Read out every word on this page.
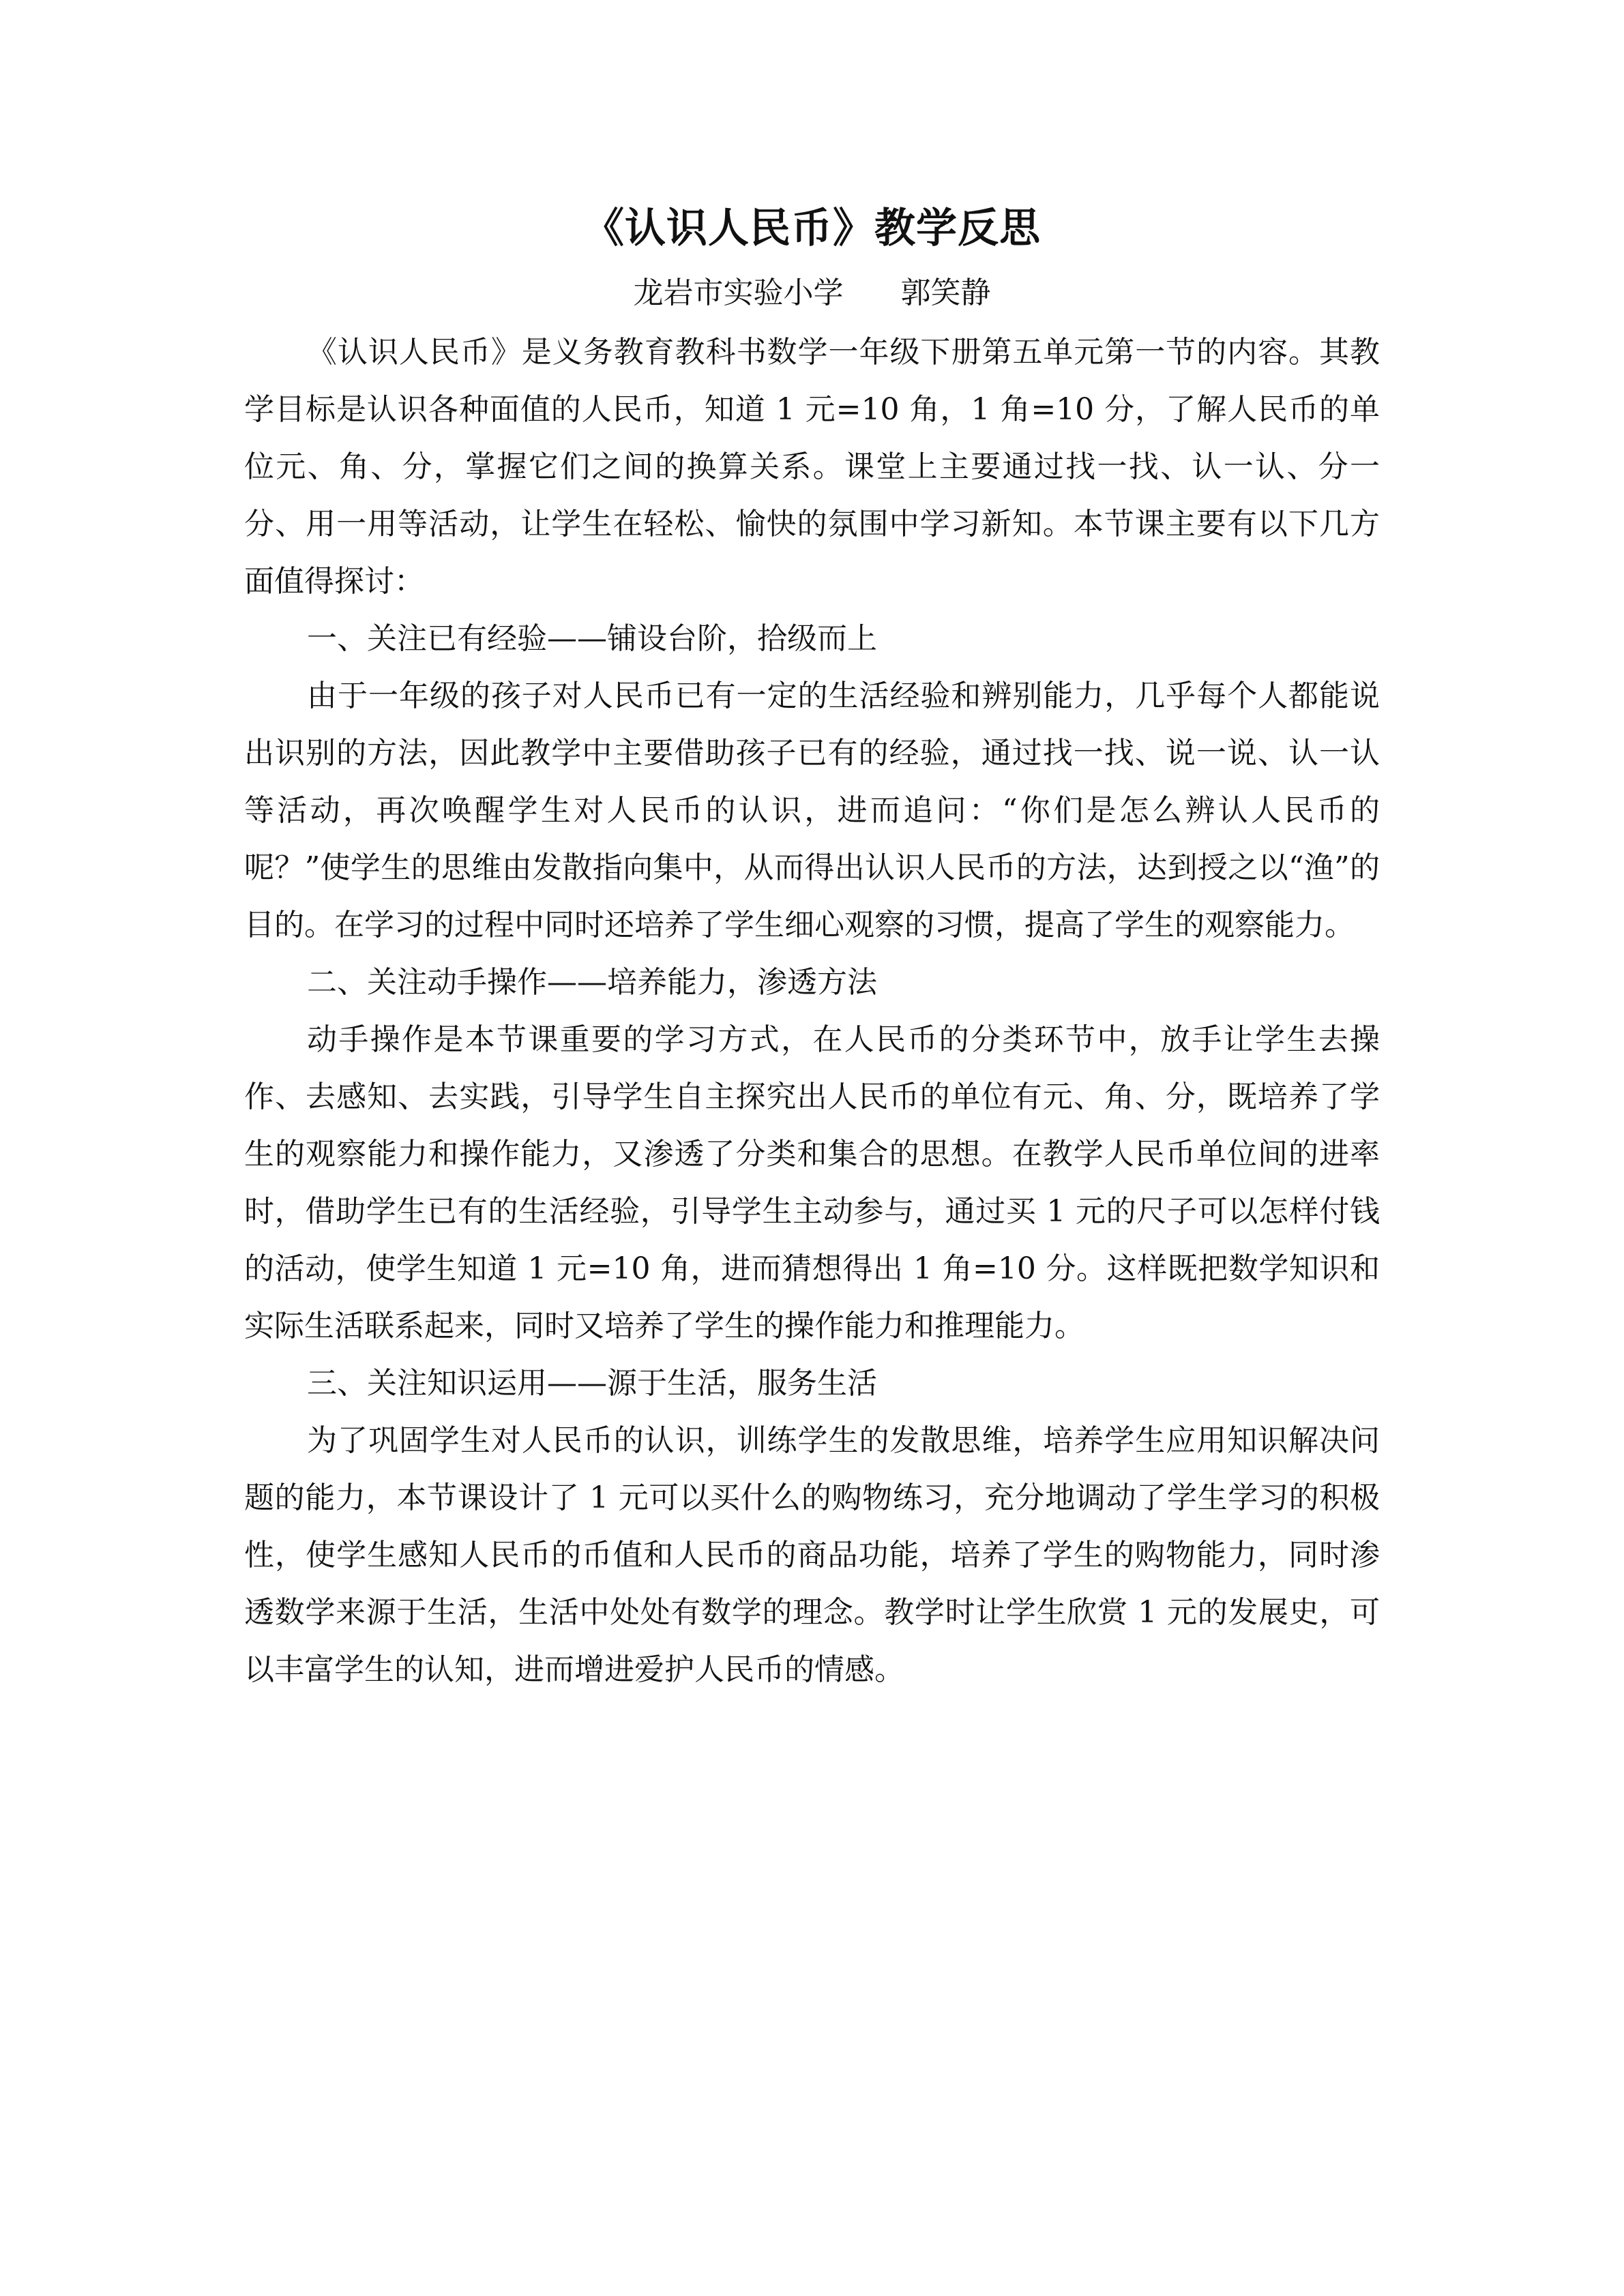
《认识人民币》教学反思
龙岩市实验小学 郭笑静

《认识人民币》是义务教育教科书数学一年级下册第五单元第一节的内容。其教学目标是认识各种面值的人民币，知道 1 元=10 角，1 角=10 分，了解人民币的单位元、角、分，掌握它们之间的换算关系。课堂上主要通过找一找、认一认、分一分、用一用等活动，让学生在轻松、愉快的氛围中学习新知。本节课主要有以下几方面值得探讨：

一、关注已有经验——铺设台阶，拾级而上

由于一年级的孩子对人民币已有一定的生活经验和辨别能力，几乎每个人都能说出识别的方法，因此教学中主要借助孩子已有的经验，通过找一找、说一说、认一认等活动，再次唤醒学生对人民币的认识，进而追问：“你们是怎么辨认人民币的呢？”使学生的思维由发散指向集中，从而得出认识人民币的方法，达到授之以“渔”的目的。在学习的过程中同时还培养了学生细心观察的习惯，提高了学生的观察能力。

二、关注动手操作——培养能力，渗透方法

动手操作是本节课重要的学习方式，在人民币的分类环节中，放手让学生去操作、去感知、去实践，引导学生自主探究出人民币的单位有元、角、分，既培养了学生的观察能力和操作能力，又渗透了分类和集合的思想。在教学人民币单位间的进率时，借助学生已有的生活经验，引导学生主动参与，通过买 1 元的尺子可以怎样付钱的活动，使学生知道 1 元=10 角，进而猜想得出 1 角=10 分。这样既把数学知识和实际生活联系起来，同时又培养了学生的操作能力和推理能力。

三、关注知识运用——源于生活，服务生活

为了巩固学生对人民币的认识，训练学生的发散思维，培养学生应用知识解决问题的能力，本节课设计了 1 元可以买什么的购物练习，充分地调动了学生学习的积极性，使学生感知人民币的币值和人民币的商品功能，培养了学生的购物能力，同时渗透数学来源于生活，生活中处处有数学的理念。教学时让学生欣赏 1 元的发展史，可以丰富学生的认知，进而增进爱护人民币的情感。
